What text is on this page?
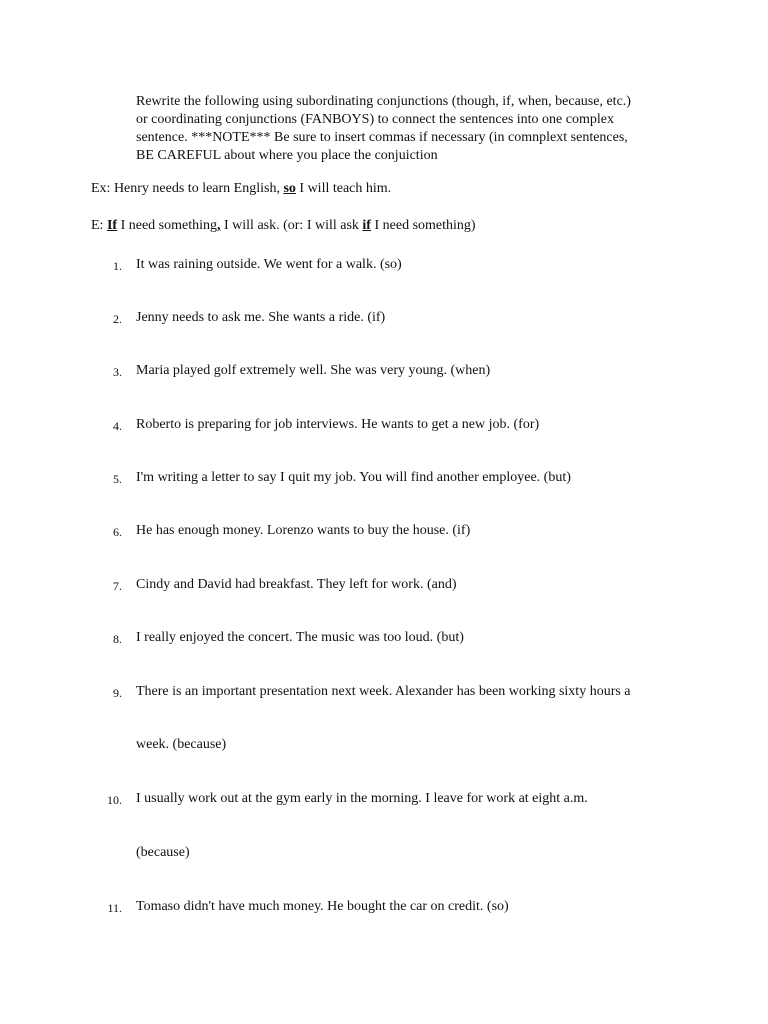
Rewrite the following using subordinating conjunctions (though, if, when, because, etc.)
or coordinating conjunctions (FANBOYS) to connect the sentences into one complex
sentence. ***NOTE*** Be sure to insert commas if necessary (in comnplext sentences,
BE CAREFUL about where you place the conjuiction

Ex: Henry needs to learn English, so I will teach him.

E: If I need something, I will ask. (or: I will ask if I need something)

1. It was raining outside. We went for a walk. (so)
2. Jenny needs to ask me. She wants a ride. (if)
3. Maria played golf extremely well. She was very young. (when)
4. Roberto is preparing for job interviews. He wants to get a new job. (for)
5. I'm writing a letter to say I quit my job. You will find another employee. (but)
6. He has enough money. Lorenzo wants to buy the house. (if)
7. Cindy and David had breakfast. They left for work. (and)
8. I really enjoyed the concert. The music was too loud. (but)
9. There is an important presentation next week. Alexander has been working sixty hours a
week. (because)
10. I usually work out at the gym early in the morning. I leave for work at eight a.m.
(because)
11. Tomaso didn't have much money. He bought the car on credit. (so)
